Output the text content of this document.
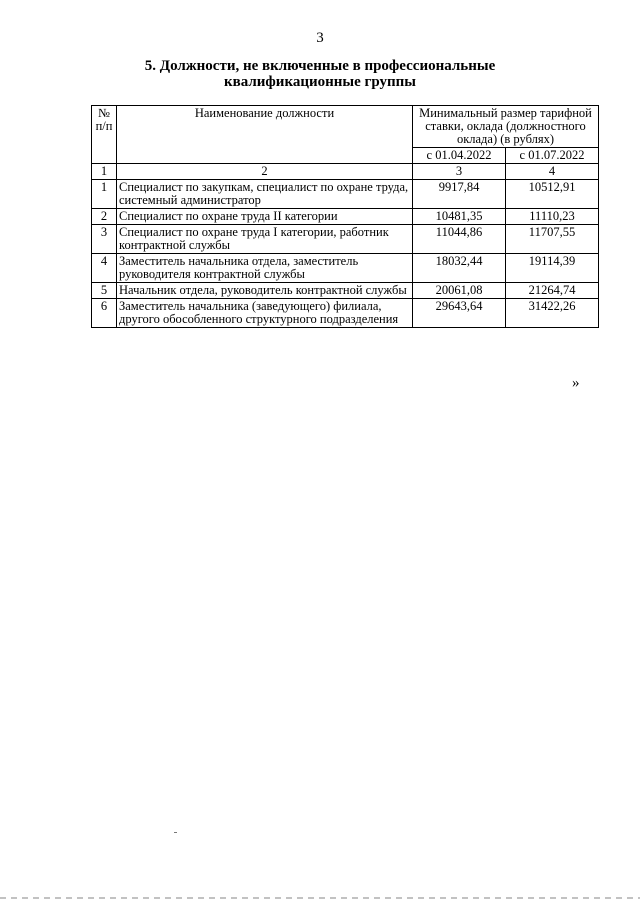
3
5. Должности, не включенные в профессиональные
квалификационные группы
№ п/п	Наименование должности	Минимальный размер тарифной ставки, оклада (должностного оклада) (в рублях)	
		с 01.04.2022	с 01.07.2022
1	2	3	4
1	Специалист по закупкам, специалист по охране труда, системный администратор	9917,84	10512,91
2	Специалист по охране труда II категории	10481,35	11110,23
3	Специалист по охране труда I категории, работник контрактной службы	11044,86	11707,55
4	Заместитель начальника отдела, заместитель руководителя контрактной службы	18032,44	19114,39
5	Начальник отдела, руководитель контрактной службы	20061,08	21264,74
6	Заместитель начальника (заведующего) филиала, другого обособленного структурного подразделения	29643,64	31422,26
»
